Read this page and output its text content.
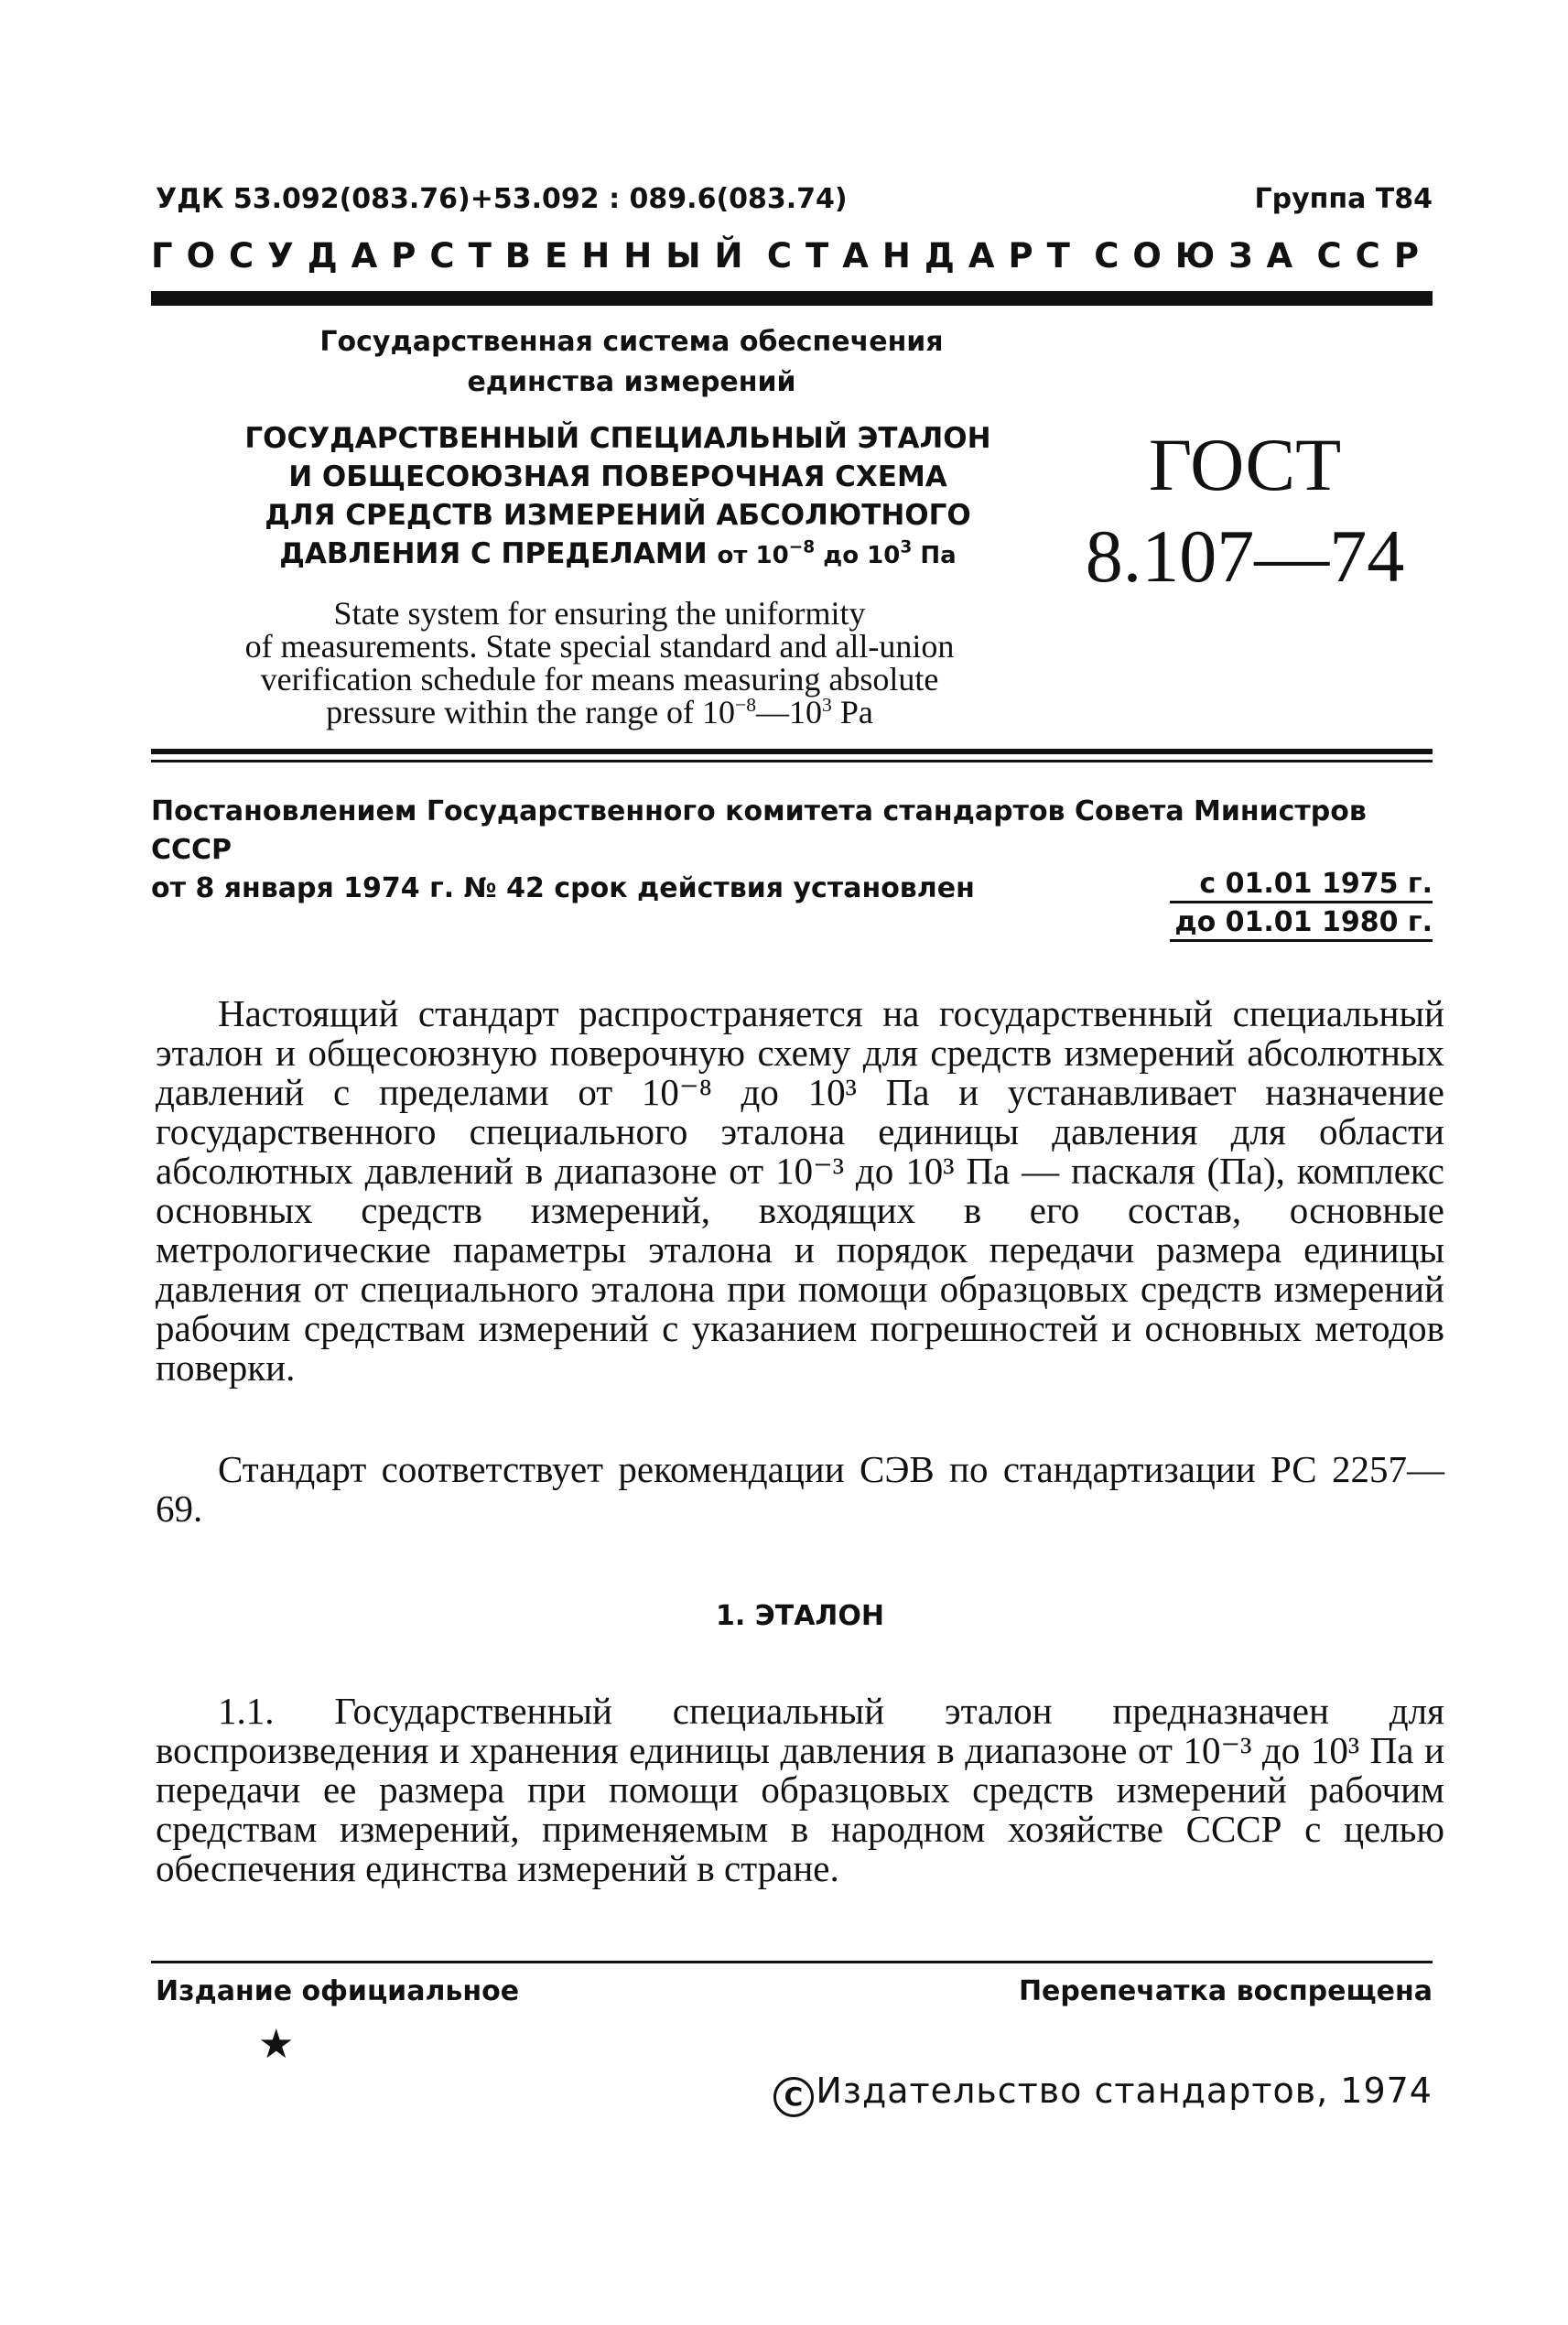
УДК 53.092(083.76)+53.092 : 089.6(083.74)	Группа Т84
ГОСУДАРСТВЕННЫЙ СТАНДАРТ СОЮЗА ССР
Государственная система обеспечения
единства измерений
ГОСУДАРСТВЕННЫЙ СПЕЦИАЛЬНЫЙ ЭТАЛОН
И ОБЩЕСОЮЗНАЯ ПОВЕРОЧНАЯ СХЕМА
ДЛЯ СРЕДСТВ ИЗМЕРЕНИЙ АБСОЛЮТНОГО
ДАВЛЕНИЯ С ПРЕДЕЛАМИ от $10^{-8}$ до $10^3$ Па
ГОСТ
8.107—74
State system for ensuring the uniformity
of measurements. State special standard and all-union
verification schedule for means measuring absolute
pressure within the range of $10^{-8}—10^3$ Pa
Постановлением Государственного комитета стандартов Совета Министров СССР
от 8 января 1974 г. № 42 срок действия установлен	с 01.01 1975 г.
до 01.01 1980 г.

Настоящий стандарт распространяется на государственный специальный эталон и общесоюзную поверочную схему для средств измерений абсолютных давлений с пределами от 10⁻⁸ до 10³ Па и устанавливает назначение государственного специального эталона единицы давления для области абсолютных давлений в диапазоне от 10⁻³ до 10³ Па — паскаля (Па), комплекс основных средств измерений, входящих в его состав, основные метрологические параметры эталона и порядок передачи размера единицы давления от специального эталона при помощи образцовых средств измерений рабочим средствам измерений с указанием погрешностей и основных методов поверки.

Стандарт соответствует рекомендации СЭВ по стандартизации РС 2257—69.

1. ЭТАЛОН

1.1. Государственный специальный эталон предназначен для воспроизведения и хранения единицы давления в диапазоне от 10⁻³ до 10³ Па и передачи ее размера при помощи образцовых средств измерений рабочим средствам измерений, применяемым в народном хозяйстве СССР с целью обеспечения единства измерений в стране.

Издание официальное	Перепечатка воспрещена
★
C Издательство стандартов, 1974
